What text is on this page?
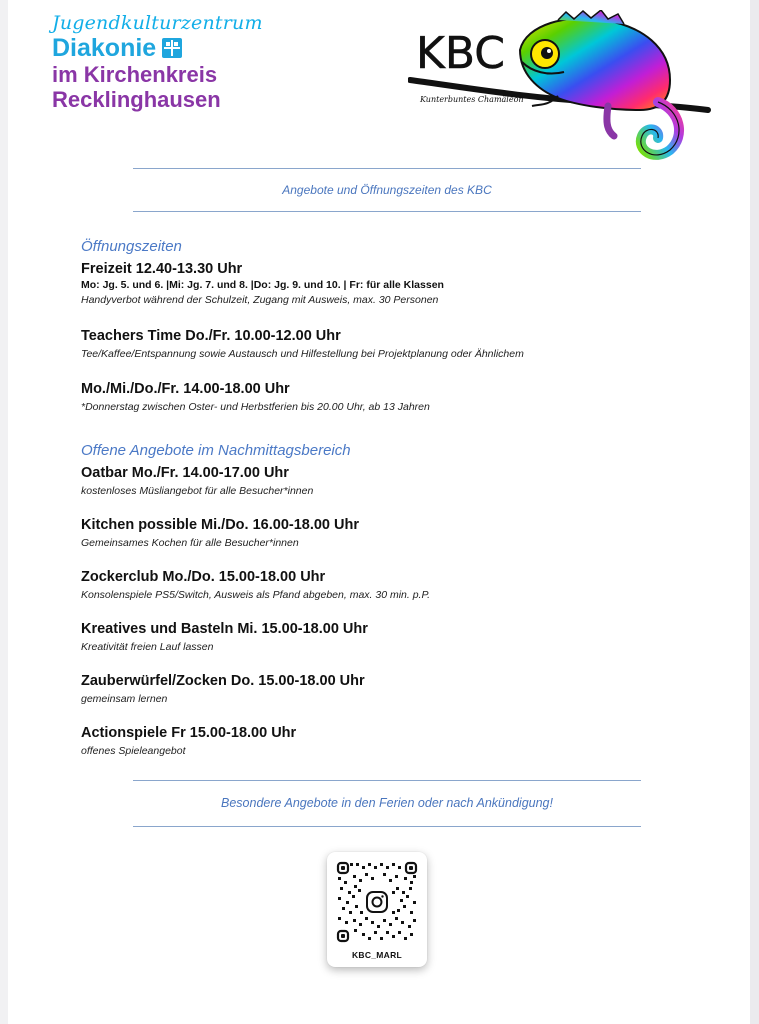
Jugendkulturzentrum
Diakonie
im Kirchenkreis
Recklinghausen
KBC
Kunterbuntes Chamäleon
Angebote und Öffnungszeiten des KBC
Öffnungszeiten
Freizeit 12.40-13.30 Uhr
Mo: Jg. 5. und 6. |Mi: Jg. 7. und 8. |Do: Jg. 9. und 10. | Fr: für alle Klassen
Handyverbot während der Schulzeit, Zugang mit Ausweis, max. 30 Personen
Teachers Time Do./Fr. 10.00-12.00 Uhr
Tee/Kaffee/Entspannung sowie Austausch und Hilfestellung bei Projektplanung oder Ähnlichem
Mo./Mi./Do./Fr. 14.00-18.00 Uhr
*Donnerstag zwischen Oster- und Herbstferien bis 20.00 Uhr, ab 13 Jahren
Offene Angebote im Nachmittagsbereich
Oatbar Mo./Fr. 14.00-17.00 Uhr
kostenloses Müsliangebot für alle Besucher*innen
Kitchen possible Mi./Do. 16.00-18.00 Uhr
Gemeinsames Kochen für alle Besucher*innen
Zockerclub Mo./Do. 15.00-18.00 Uhr
Konsolenspiele PS5/Switch, Ausweis als Pfand abgeben, max. 30 min. p.P.
Kreatives und Basteln Mi. 15.00-18.00 Uhr
Kreativität freien Lauf lassen
Zauberwürfel/Zocken Do. 15.00-18.00 Uhr
gemeinsam lernen
Actionspiele Fr 15.00-18.00 Uhr
offenes Spieleangebot
Besondere Angebote in den Ferien oder nach Ankündigung!
KBC_MARL
